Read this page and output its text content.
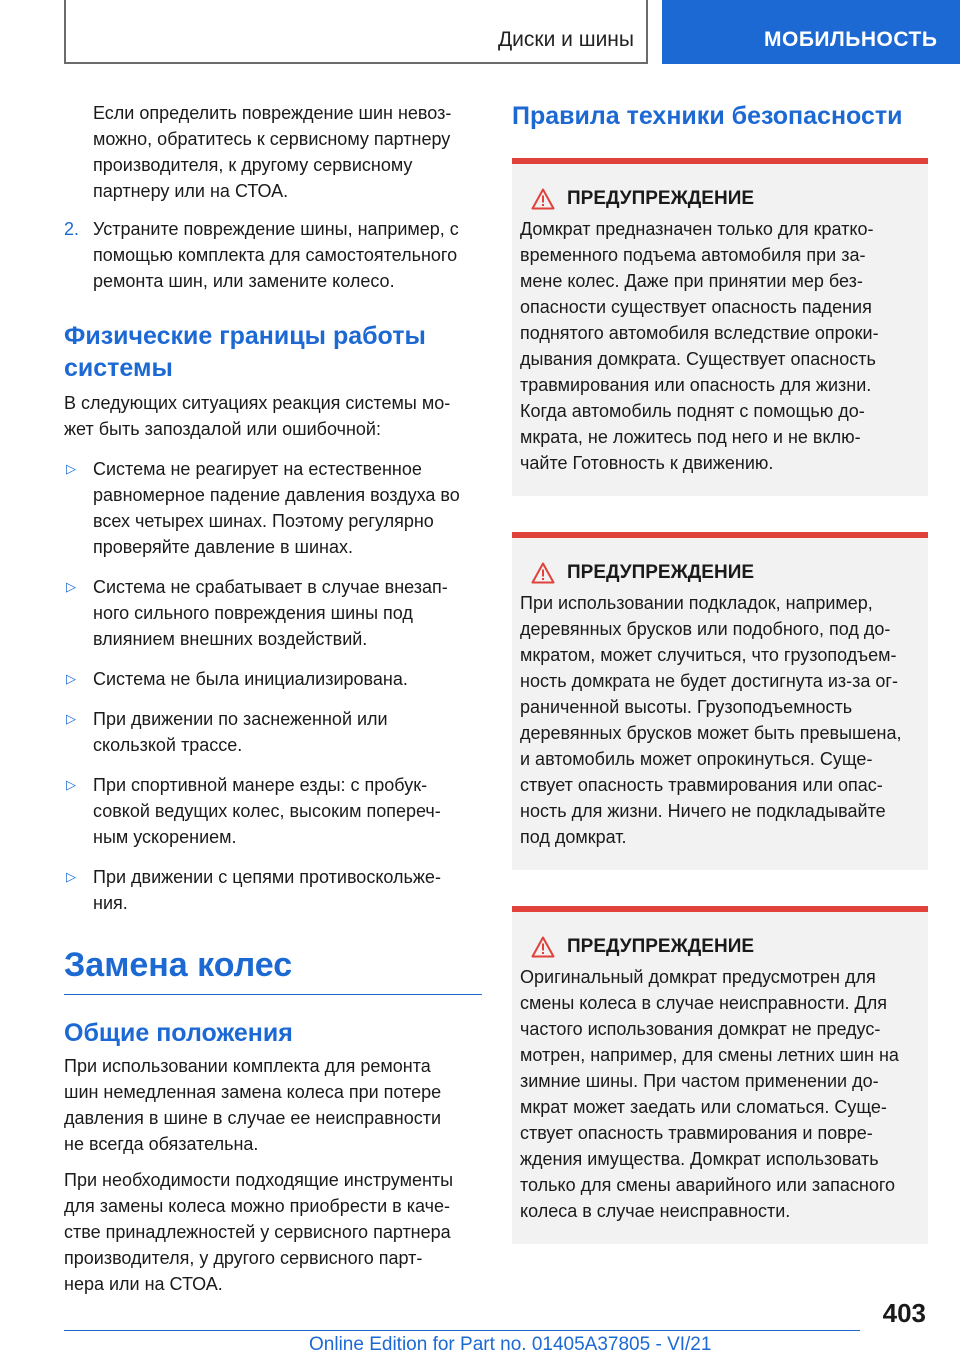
Диски и шины	МОБИЛЬНОСТЬ
Если определить повреждение шин невоз-
можно, обратитесь к сервисному партнеру
производителя, к другому сервисному
партнеру или на СТОА.
2. Устраните повреждение шины, например, с
помощью комплекта для самостоятельного
ремонта шин, или замените колесо.
Физические границы работы системы
В следующих ситуациях реакция системы мо-
жет быть запоздалой или ошибочной:
▷ Система не реагирует на естественное
равномерное падение давления воздуха во
всех четырех шинах. Поэтому регулярно
проверяйте давление в шинах.
▷ Система не срабатывает в случае внезап-
ного сильного повреждения шины под
влиянием внешних воздействий.
▷ Система не была инициализирована.
▷ При движении по заснеженной или
скользкой трассе.
▷ При спортивной манере езды: с пробук-
совкой ведущих колес, высоким попереч-
ным ускорением.
▷ При движении с цепями противоскольже-
ния.
Замена колес
Общие положения
При использовании комплекта для ремонта
шин немедленная замена колеса при потере
давления в шине в случае ее неисправности
не всегда обязательна.
При необходимости подходящие инструменты
для замены колеса можно приобрести в каче-
стве принадлежностей у сервисного партнера
производителя, у другого сервисного парт-
нера или на СТОА.
Правила техники безопасности
ПРЕДУПРЕЖДЕНИЕ
Домкрат предназначен только для кратко-
временного подъема автомобиля при за-
мене колес. Даже при принятии мер без-
опасности существует опасность падения
поднятого автомобиля вследствие опроки-
дывания домкрата. Существует опасность
травмирования или опасность для жизни.
Когда автомобиль поднят с помощью до-
мкрата, не ложитесь под него и не вклю-
чайте Готовность к движению.
ПРЕДУПРЕЖДЕНИЕ
При использовании подкладок, например,
деревянных брусков или подобного, под до-
мкратом, может случиться, что грузоподъем-
ность домкрата не будет достигнута из-за ог-
раниченной высоты. Грузоподъемность
деревянных брусков может быть превышена,
и автомобиль может опрокинуться. Суще-
ствует опасность травмирования или опас-
ность для жизни. Ничего не подкладывайте
под домкрат.
ПРЕДУПРЕЖДЕНИЕ
Оригинальный домкрат предусмотрен для
смены колеса в случае неисправности. Для
частого использования домкрат не предус-
мотрен, например, для смены летних шин на
зимние шины. При частом применении до-
мкрат может заедать или сломаться. Суще-
ствует опасность травмирования и повре-
ждения имущества. Домкрат использовать
только для смены аварийного или запасного
колеса в случае неисправности.
403
Online Edition for Part no. 01405A37805 - VI/21
